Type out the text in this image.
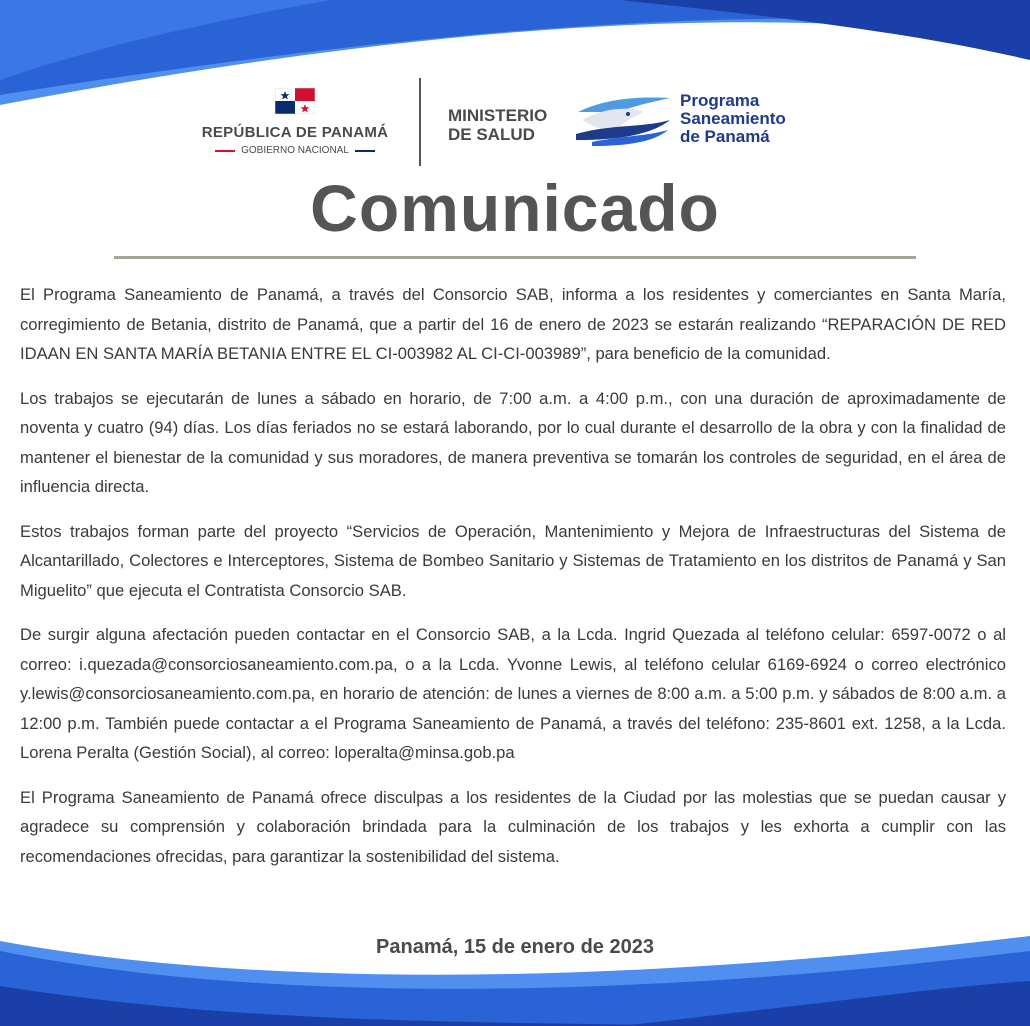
REPÚBLICA DE PANAMÁ
GOBIERNO NACIONAL
MINISTERIO
DE SALUD
Programa
Saneamiento
de Panamá
Comunicado

El Programa Saneamiento de Panamá, a través del Consorcio SAB, informa a los residentes y comerciantes en Santa María, corregimiento de Betania, distrito de Panamá, que a partir del 16 de enero de 2023 se estarán realizando “REPARACIÓN DE RED IDAAN EN SANTA MARÍA BETANIA ENTRE EL CI-003982 AL CI-CI-003989”, para beneficio de la comunidad.

Los trabajos se ejecutarán de lunes a sábado en horario, de 7:00 a.m. a 4:00 p.m., con una duración de aproximadamente de noventa y cuatro (94) días. Los días feriados no se estará laborando, por lo cual durante el desarrollo de la obra y con la finalidad de mantener el bienestar de la comunidad y sus moradores, de manera preventiva se tomarán los controles de seguridad, en el área de influencia directa.

Estos trabajos forman parte del proyecto “Servicios de Operación, Mantenimiento y Mejora de Infraestructuras del Sistema de Alcantarillado, Colectores e Interceptores, Sistema de Bombeo Sanitario y Sistemas de Tratamiento en los distritos de Panamá y San Miguelito” que ejecuta el Contratista Consorcio SAB.

De surgir alguna afectación pueden contactar en el Consorcio SAB, a la Lcda. Ingrid Quezada al teléfono celular: 6597-0072 o al correo: i.quezada@consorciosaneamiento.com.pa, o a la Lcda. Yvonne Lewis, al teléfono celular 6169-6924 o correo electrónico y.lewis@consorciosaneamiento.com.pa, en horario de atención: de lunes a viernes de 8:00 a.m. a 5:00 p.m. y sábados de 8:00 a.m. a 12:00 p.m. También puede contactar a el Programa Saneamiento de Panamá, a través del teléfono: 235-8601 ext. 1258, a la Lcda. Lorena Peralta (Gestión Social), al correo: loperalta@minsa.gob.pa

El Programa Saneamiento de Panamá ofrece disculpas a los residentes de la Ciudad por las molestias que se puedan causar y agradece su comprensión y colaboración brindada para la culminación de los trabajos y les exhorta a cumplir con las recomendaciones ofrecidas, para garantizar la sostenibilidad del sistema.

Panamá, 15 de enero de 2023
